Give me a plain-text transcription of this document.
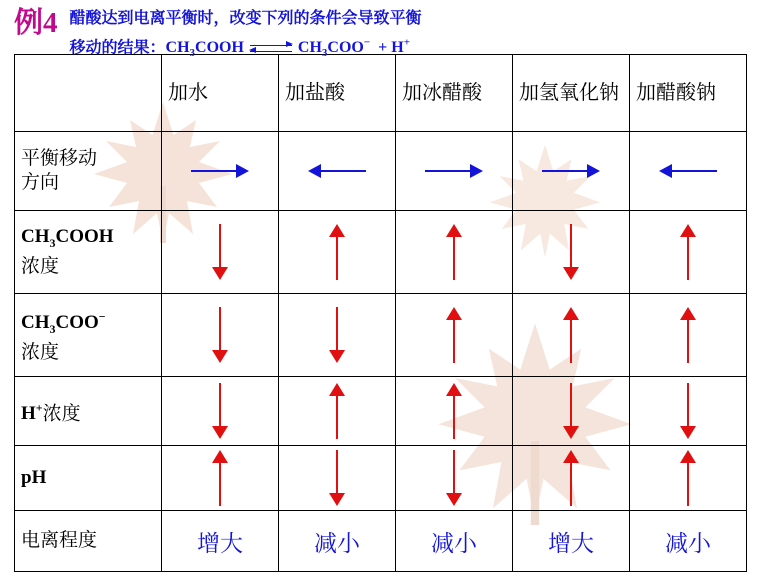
例4 醋酸达到电离平衡时，改变下列的条件会导致平衡
移动的结果：$CH_3COOH$	$CH_3COO^- + H^+$

	加水	加盐酸	加冰醋酸	加氢氧化钠	加醋酸钠

平衡移动
方向					

$CH_3COOH$
浓度					

$CH_3COO^-$
浓度					

H+浓度					

pH					

电离程度	增大	减小	减小	增大	减小
